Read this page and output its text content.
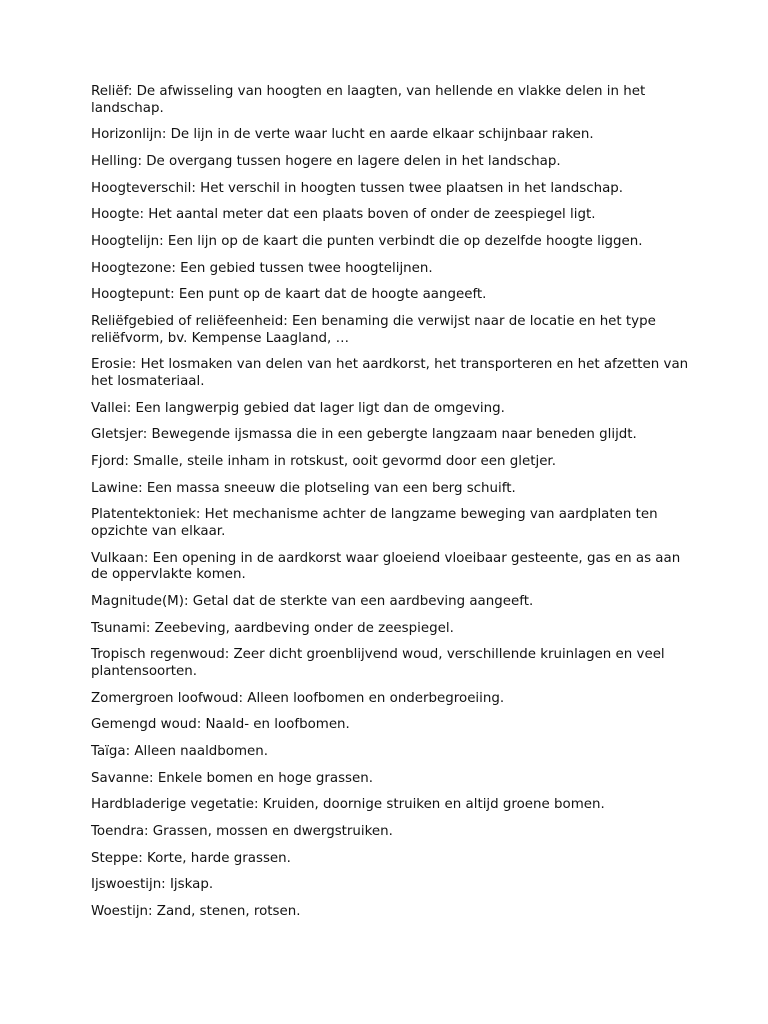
Reliëf: De afwisseling van hoogten en laagten, van hellende en vlakke delen in het landschap.

Horizonlijn: De lijn in de verte waar lucht en aarde elkaar schijnbaar raken.

Helling: De overgang tussen hogere en lagere delen in het landschap.

Hoogteverschil: Het verschil in hoogten tussen twee plaatsen in het landschap.

Hoogte: Het aantal meter dat een plaats boven of onder de zeespiegel ligt.

Hoogtelijn: Een lijn op de kaart die punten verbindt die op dezelfde hoogte liggen.

Hoogtezone: Een gebied tussen twee hoogtelijnen.

Hoogtepunt: Een punt op de kaart dat de hoogte aangeeft.

Reliëfgebied of reliëfeenheid: Een benaming die verwijst naar de locatie en het type reliëfvorm, bv. Kempense Laagland, …

Erosie: Het losmaken van delen van het aardkorst, het transporteren en het afzetten van het losmateriaal.

Vallei: Een langwerpig gebied dat lager ligt dan de omgeving.

Gletsjer: Bewegende ijsmassa die in een gebergte langzaam naar beneden glijdt.

Fjord: Smalle, steile inham in rotskust, ooit gevormd door een gletjer.

Lawine: Een massa sneeuw die plotseling van een berg schuift.

Platentektoniek: Het mechanisme achter de langzame beweging van aardplaten ten opzichte van elkaar.

Vulkaan: Een opening in de aardkorst waar gloeiend vloeibaar gesteente, gas en as aan de oppervlakte komen.

Magnitude(M): Getal dat de sterkte van een aardbeving aangeeft.

Tsunami: Zeebeving, aardbeving onder de zeespiegel.

Tropisch regenwoud: Zeer dicht groenblijvend woud, verschillende kruinlagen en veel plantensoorten.

Zomergroen loofwoud: Alleen loofbomen en onderbegroeiing.

Gemengd woud: Naald- en loofbomen.

Taïga: Alleen naaldbomen.

Savanne: Enkele bomen en hoge grassen.

Hardbladerige vegetatie: Kruiden, doornige struiken en altijd groene bomen.

Toendra: Grassen, mossen en dwergstruiken.

Steppe: Korte, harde grassen.

Ijswoestijn: Ijskap.

Woestijn: Zand, stenen, rotsen.
